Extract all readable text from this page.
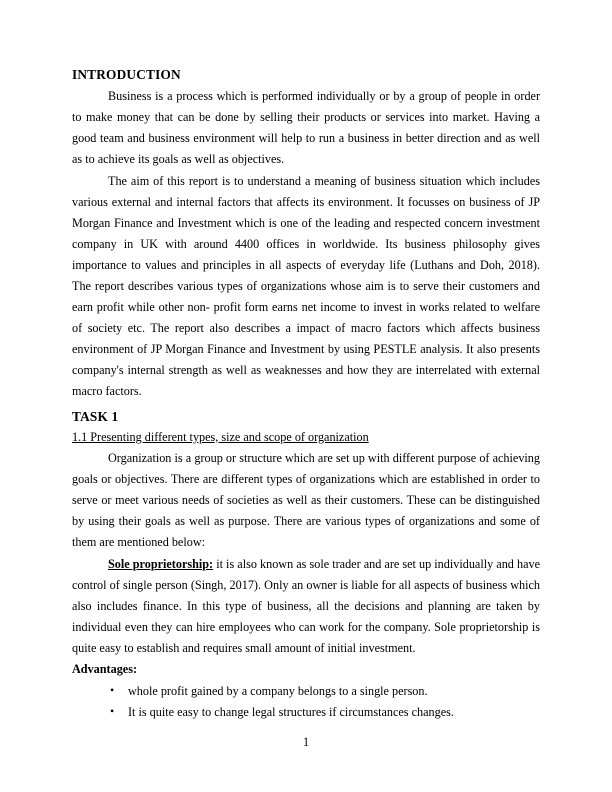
INTRODUCTION

Business is a process which is performed individually or by a group of people in order to make money that can be done by selling their products or services into market. Having a good team and business environment will help to run a business in better direction and as well as to achieve its goals as well as objectives.

The aim of this report is to understand a meaning of business situation which includes various external and internal factors that affects its environment. It focusses on business of JP Morgan Finance and Investment which is one of the leading and respected concern investment company in UK with around 4400 offices in worldwide. Its business philosophy gives importance to values and principles in all aspects of everyday life (Luthans and Doh, 2018). The report describes various types of organizations whose aim is to serve their customers and earn profit while other non- profit form earns net income to invest in works related to welfare of society etc. The report also describes a impact of macro factors which affects business environment of JP Morgan Finance and Investment by using PESTLE analysis. It also presents company's internal strength as well as weaknesses and how they are interrelated with external macro factors.

TASK 1
1.1 Presenting different types, size and scope of organization

Organization is a group or structure which are set up with different purpose of achieving goals or objectives. There are different types of organizations which are established in order to serve or meet various needs of societies as well as their customers. These can be distinguished by using their goals as well as purpose. There are various types of organizations and some of them are mentioned below:

Sole proprietorship: it is also known as sole trader and are set up individually and have control of single person (Singh, 2017). Only an owner is liable for all aspects of business which also includes finance. In this type of business, all the decisions and planning are taken by individual even they can hire employees who can work for the company. Sole proprietorship is quite easy to establish and requires small amount of initial investment.

Advantages:
• whole profit gained by a company belongs to a single person.
• It is quite easy to change legal structures if circumstances changes.
1
